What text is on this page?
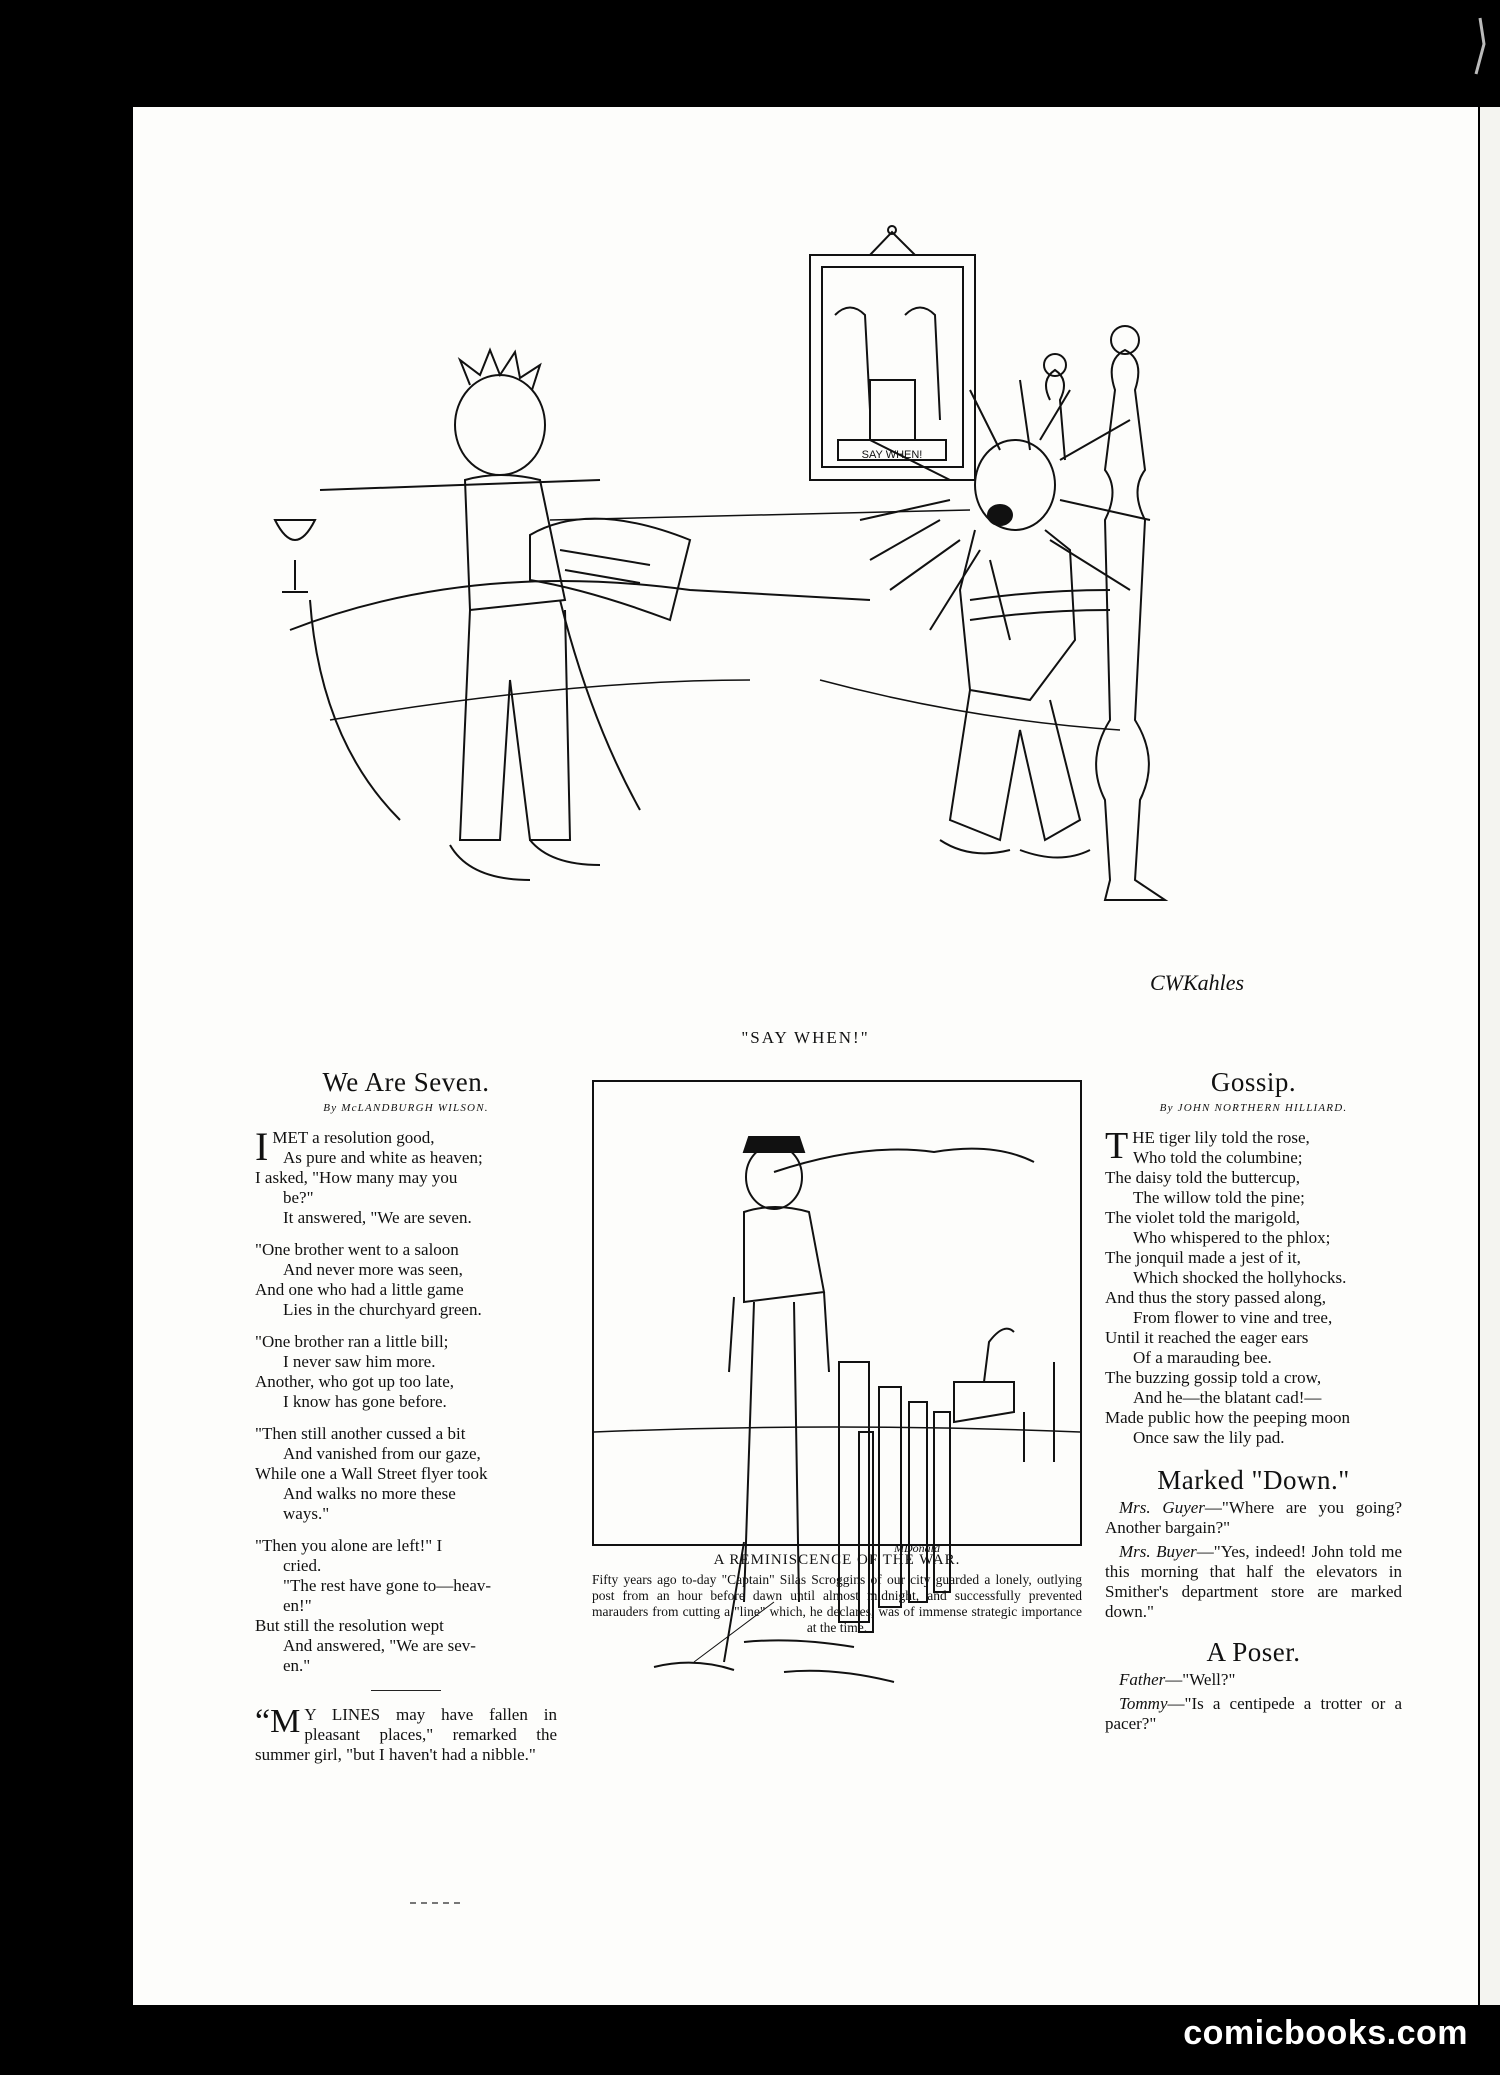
SAY WHEN!
CWKahles
"SAY WHEN!"
We Are Seven.
By McLANDBURGH WILSON.
I MET a resolution good,
As pure and white as heaven;
I asked, "How many may you
be?"
It answered, "We are seven.
"One brother went to a saloon
And never more was seen,
And one who had a little game
Lies in the churchyard green.
"One brother ran a little bill;
I never saw him more.
Another, who got up too late,
I know has gone before.
"Then still another cussed a bit
And vanished from our gaze,
While one a Wall Street flyer took
And walks no more these
ways."
"Then you alone are left!" I
cried.
"The rest have gone to—heav-
en!"
But still the resolution wept
And answered, "We are sev-
en."
“M Y LINES may have fallen in pleasant places," remarked the summer girl, "but I haven't had a nibble."
MDonald
A REMINISCENCE OF THE WAR.
Fifty years ago to-day "Captain" Silas Scroggins of our city guarded a lonely, outlying post from an hour before dawn until almost midnight, and successfully prevented marauders from cutting a "line" which, he declares, was of immense strategic importance at the time.
Gossip.
By JOHN NORTHERN HILLIARD.
T HE tiger lily told the rose,
Who told the columbine;
The daisy told the buttercup,
The willow told the pine;
The violet told the marigold,
Who whispered to the phlox;
The jonquil made a jest of it,
Which shocked the hollyhocks.
And thus the story passed along,
From flower to vine and tree,
Until it reached the eager ears
Of a marauding bee.
The buzzing gossip told a crow,
And he—the blatant cad!—
Made public how the peeping moon
Once saw the lily pad.
Marked "Down."
Mrs. Guyer—"Where are you going? Another bargain?"
Mrs. Buyer—"Yes, indeed! John told me this morning that half the elevators in Smither's department store are marked down."
A Poser.
Father—"Well?"
Tommy—"Is a centipede a trotter or a pacer?"
comicbooks.com
